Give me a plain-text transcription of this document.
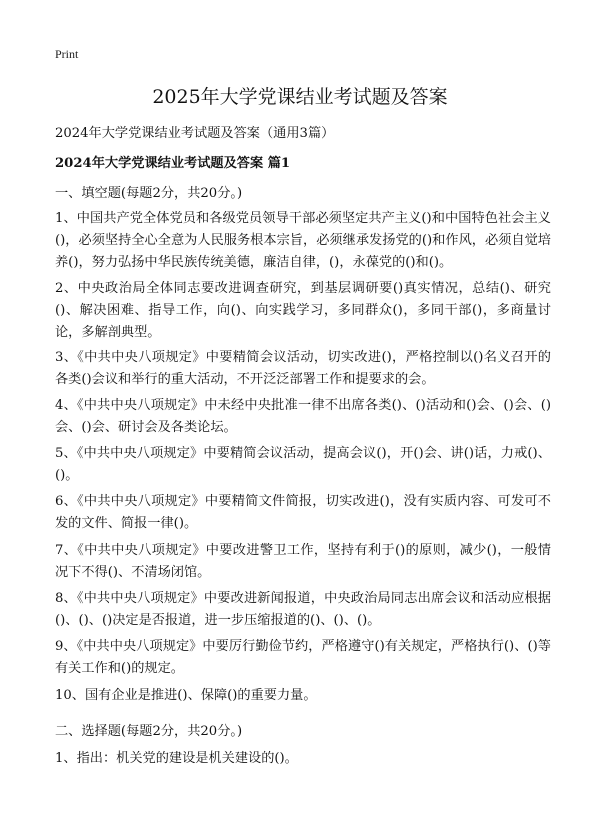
Print
2025年大学党课结业考试题及答案
2024年大学党课结业考试题及答案（通用3篇）
2024年大学党课结业考试题及答案 篇1
一、填空题(每题2分，共20分。)
1、中国共产党全体党员和各级党员领导干部必须坚定共产主义()和中国特色社会主义()，必须坚持全心全意为人民服务根本宗旨，必须继承发扬党的()和作风，必须自觉培养()，努力弘扬中华民族传统美德，廉洁自律，()，永葆党的()和()。
2、中央政治局全体同志要改进调查研究，到基层调研要()真实情况，总结()、研究()、解决困难、指导工作，向()、向实践学习，多同群众()，多同干部()，多商量讨论，多解剖典型。
3、《中共中央八项规定》中要精简会议活动，切实改进()，严格控制以()名义召开的各类()会议和举行的重大活动，不开泛泛部署工作和提要求的会。
4、《中共中央八项规定》中未经中央批准一律不出席各类()、()活动和()会、()会、()会、()会、研讨会及各类论坛。
5、《中共中央八项规定》中要精简会议活动，提高会议()，开()会、讲()话，力戒()、()。
6、《中共中央八项规定》中要精简文件简报，切实改进()，没有实质内容、可发可不发的文件、简报一律()。
7、《中共中央八项规定》中要改进警卫工作，坚持有利于()的原则，减少()，一般情况下不得()、不清场闭馆。
8、《中共中央八项规定》中要改进新闻报道，中央政治局同志出席会议和活动应根据()、()、()决定是否报道，进一步压缩报道的()、()、()。
9、《中共中央八项规定》中要厉行勤俭节约，严格遵守()有关规定，严格执行()、()等有关工作和()的规定。
10、国有企业是推进()、保障()的重要力量。
二、选择题(每题2分，共20分。)
1、指出：机关党的建设是机关建设的()。
